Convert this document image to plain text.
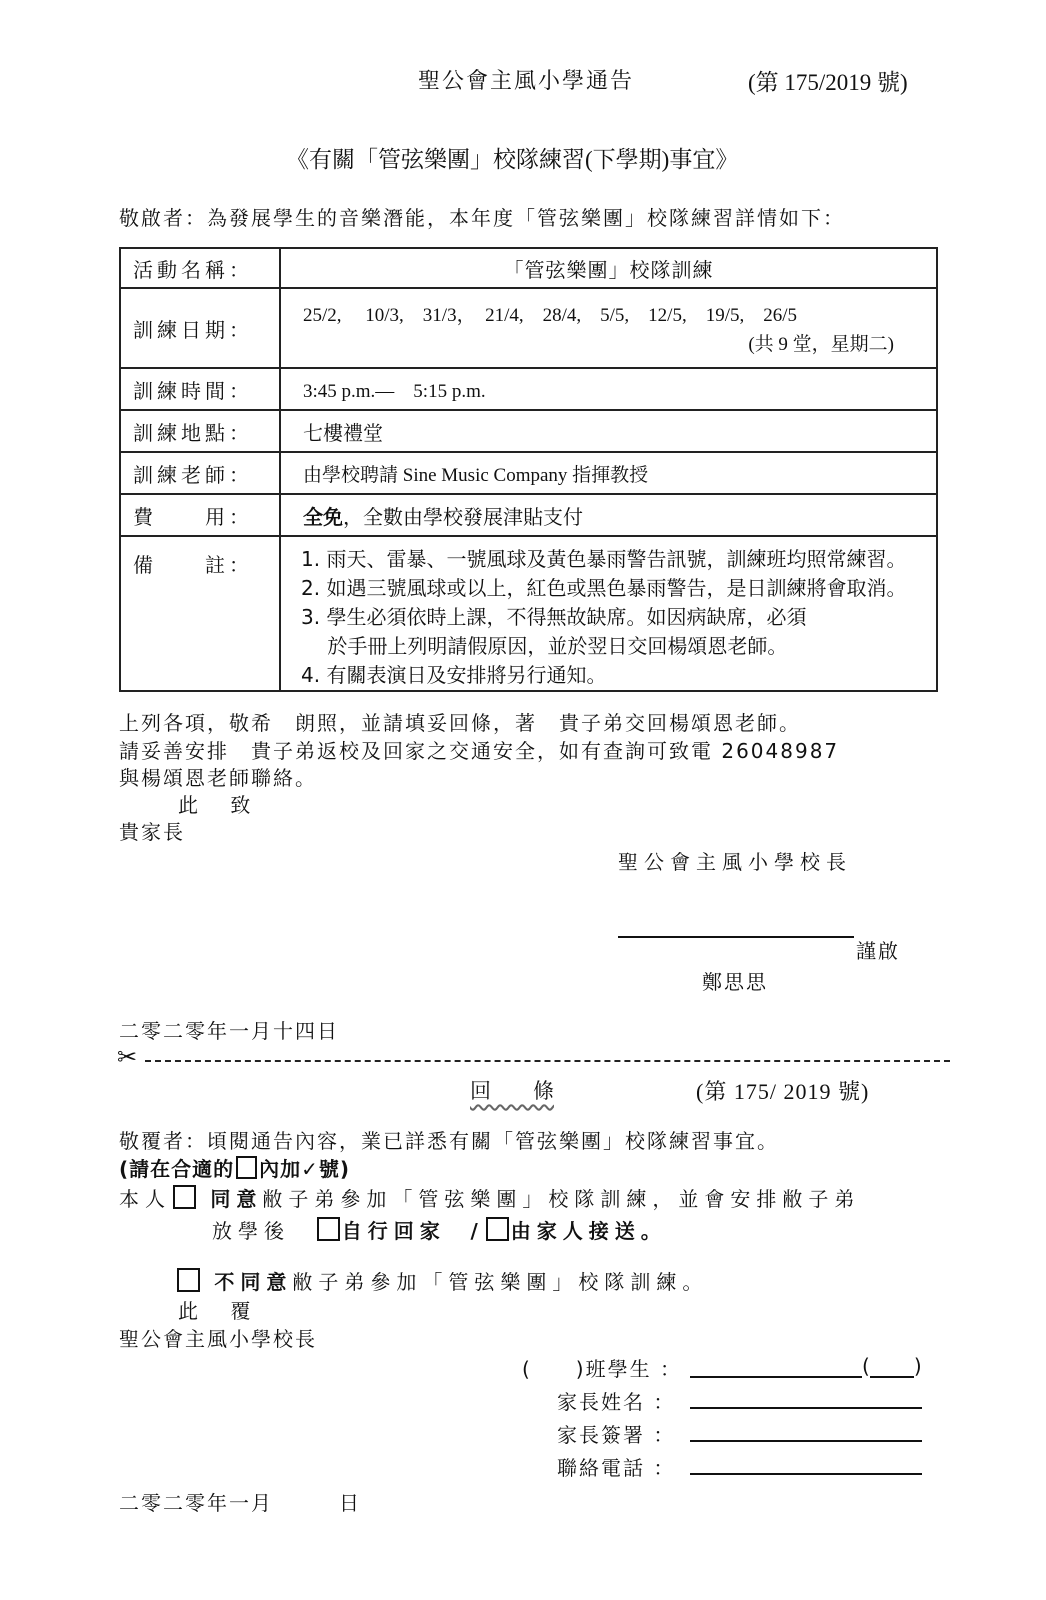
聖公會主風小學通告	(第 175/2019 號)
《有關「管弦樂團」校隊練習(下學期)事宜》
敬啟者：為發展學生的音樂潛能，本年度「管弦樂團」校隊練習詳情如下：
活動名稱：	「管弦樂團」校隊訓練
訓練日期：	25/2,　 10/3,　31/3，　21/4,　28/4,　5/5,　12/5,　19/5,　26/5
(共 9 堂，星期二)

訓練時間：	3:45 p.m.—　5:15 p.m.
訓練地點：	七樓禮堂
訓練老師：	由學校聘請 Sine Music Company 指揮教授
費　　用：	全免，全數由學校發展津貼支付
備　　註：	1. 雨天、雷暴、一號風球及黃色暴雨警告訊號，訓練班均照常練習。
2. 如遇三號風球或以上，紅色或黑色暴雨警告，是日訓練將會取消。
3. 學生必須依時上課，不得無故缺席。如因病缺席，必須
　 於手冊上列明請假原因，並於翌日交回楊頌恩老師。
4. 有關表演日及安排將另行通知。
上列各項，敬希　朗照，並請填妥回條，著　貴子弟交回楊頌恩老師。
請妥善安排　貴子弟返校及回家之交通安全，如有查詢可致電 26048987
與楊頌恩老師聯絡。
此　 致
貴家長
聖公會主風小學校長
謹啟
鄭思思
二零二零年一月十四日
✂
回　　條	(第 175/ 2019 號)
敬覆者：頃閱通告內容，業已詳悉有關「管弦樂團」校隊練習事宜。
(請在合適的 內加✓號)
本人 同意敝子弟參加「管弦樂團」校隊訓練，並會安排敝子弟
放學後	自行回家 / 由家人接送。
不同意敝子弟參加「管弦樂團」校隊訓練。
此　 覆
聖公會主風小學校長
(　　)班學生 ：	( )
家長姓名 ：
家長簽署 ：
聯絡電話 ：
二零二零年一月　　　日
